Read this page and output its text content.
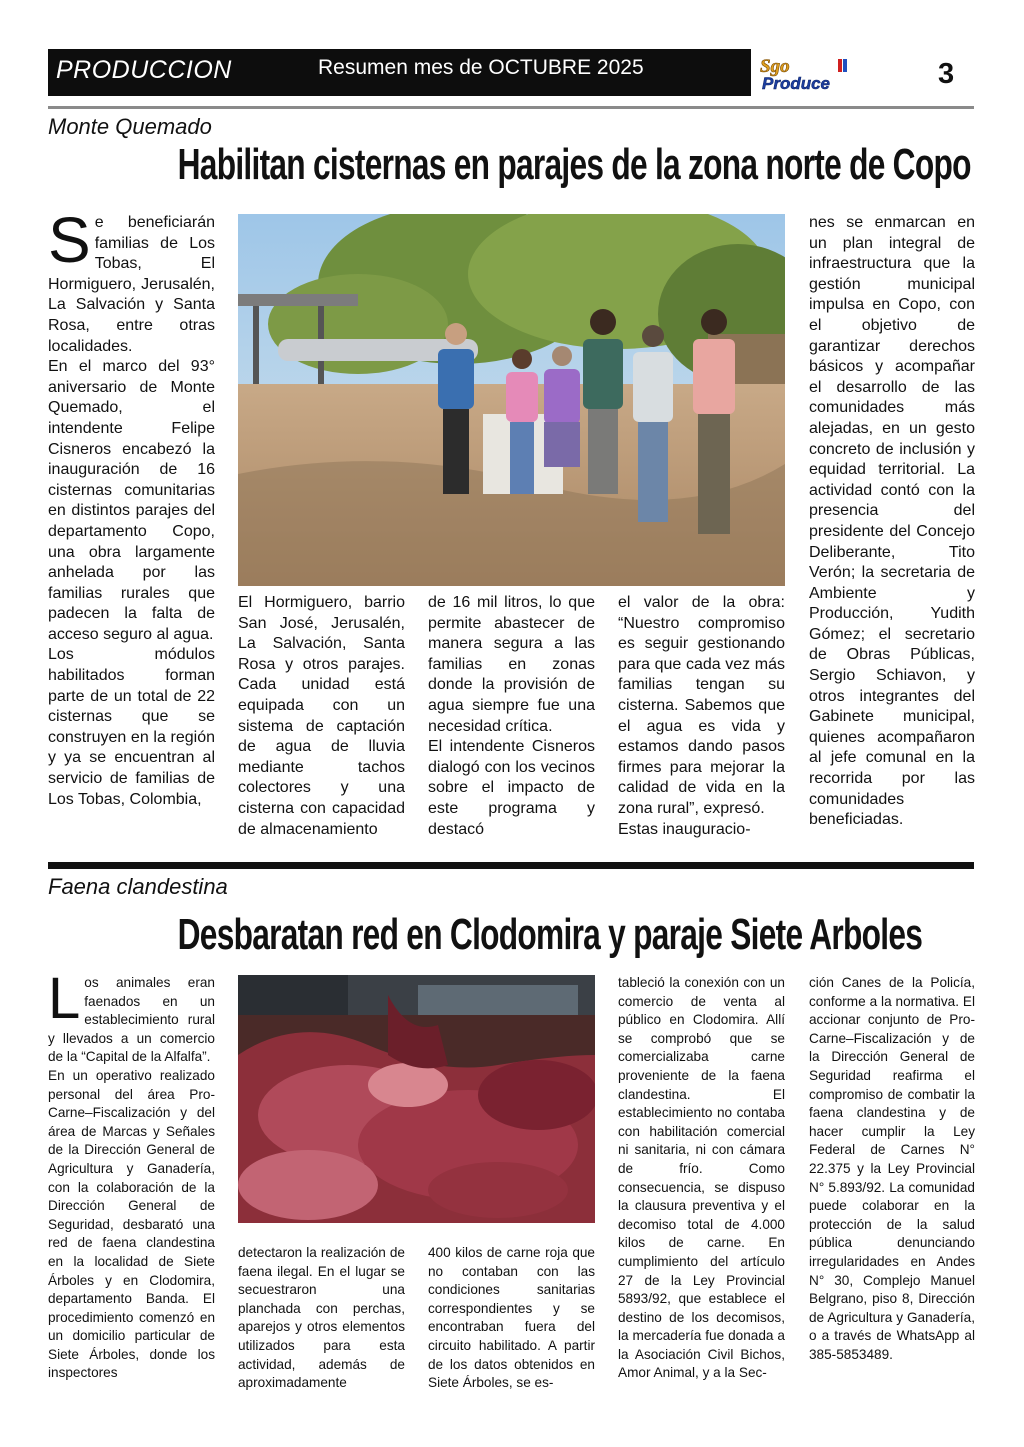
PRODUCCION	Resumen mes de OCTUBRE 2025	Sgo
Produce	3
Monte Quemado
Habilitan cisternas en parajes de la zona norte de Copo
S e beneficiarán familias de Los Tobas, El Hormiguero, Jerusalén, La Salvación y Santa Rosa, entre otras localidades.

En el marco del 93° aniversario de Monte Quemado, el intendente Felipe Cisneros encabezó la inauguración de 16 cisternas comunitarias en distintos parajes del departamento Copo, una obra largamente anhelada por las familias rurales que padecen la falta de acceso seguro al agua.

Los módulos habilitados forman parte de un total de 22 cisternas que se construyen en la región y ya se encuentran al servicio de familias de Los Tobas, Colombia,

El Hormiguero, barrio San José, Jerusalén, La Salvación, Santa Rosa y otros parajes. Cada unidad está equipada con un sistema de captación de agua de lluvia mediante tachos colectores y una cisterna con capacidad de almacenamiento

de 16 mil litros, lo que permite abastecer de manera segura a las familias en zonas donde la provisión de agua siempre fue una necesidad crítica.

El intendente Cisneros dialogó con los vecinos sobre el impacto de este programa y destacó

el valor de la obra: “Nuestro compromiso es seguir gestionando para que cada vez más familias tengan su cisterna. Sabemos que el agua es vida y estamos dando pasos firmes para mejorar la calidad de vida en la zona rural”, expresó.

Estas inauguracio-

nes se enmarcan en un plan integral de infraestructura que la gestión municipal impulsa en Copo, con el objetivo de garantizar derechos básicos y acompañar el desarrollo de las comunidades más alejadas, en un gesto concreto de inclusión y equidad territorial. La actividad contó con la presencia del presidente del Concejo Deliberante, Tito Verón; la secretaria de Ambiente y Producción, Yudith Gómez; el secretario de Obras Públicas, Sergio Schiavon, y otros integrantes del Gabinete municipal, quienes acompañaron al jefe comunal en la recorrida por las comunidades beneficiadas.
Faena clandestina
Desbaratan red en Clodomira y paraje Siete Arboles
L os animales eran faenados en un establecimiento rural y llevados a un comercio de la “Capital de la Alfalfa”.

En un operativo realizado personal del área Pro-Carne–Fiscalización y del área de Marcas y Señales de la Dirección General de Agricultura y Ganadería, con la colaboración de la Dirección General de Seguridad, desbarató una red de faena clandestina en la localidad de Siete Árboles y en Clodomira, departamento Banda. El procedimiento comenzó en un domicilio particular de Siete Árboles, donde los inspectores

detectaron la realización de faena ilegal. En el lugar se secuestraron una planchada con perchas, aparejos y otros elementos utilizados para esta actividad, además de aproximadamente
400 kilos de carne roja que no contaban con las condiciones sanitarias correspondientes y se encontraban fuera del circuito habilitado. A partir de los datos obtenidos en Siete Árboles, se es-
tableció la conexión con un comercio de venta al público en Clodomira. Allí se comprobó que se comercializaba carne proveniente de la faena clandestina. El establecimiento no contaba con habilitación comercial ni sanitaria, ni con cámara de frío. Como consecuencia, se dispuso la clausura preventiva y el decomiso total de 4.000 kilos de carne. En cumplimiento del artículo 27 de la Ley Provincial 5893/92, que establece el destino de los decomisos, la mercadería fue donada a la Asociación Civil Bichos, Amor Animal, y a la Sec-
ción Canes de la Policía, conforme a la normativa. El accionar conjunto de Pro-Carne–Fiscalización y de la Dirección General de Seguridad reafirma el compromiso de combatir la faena clandestina y de hacer cumplir la Ley Federal de Carnes N° 22.375 y la Ley Provincial N° 5.893/92. La comunidad puede colaborar en la protección de la salud pública denunciando irregularidades en Andes N° 30, Complejo Manuel Belgrano, piso 8, Dirección de Agricultura y Ganadería, o a través de WhatsApp al 385-5853489.
